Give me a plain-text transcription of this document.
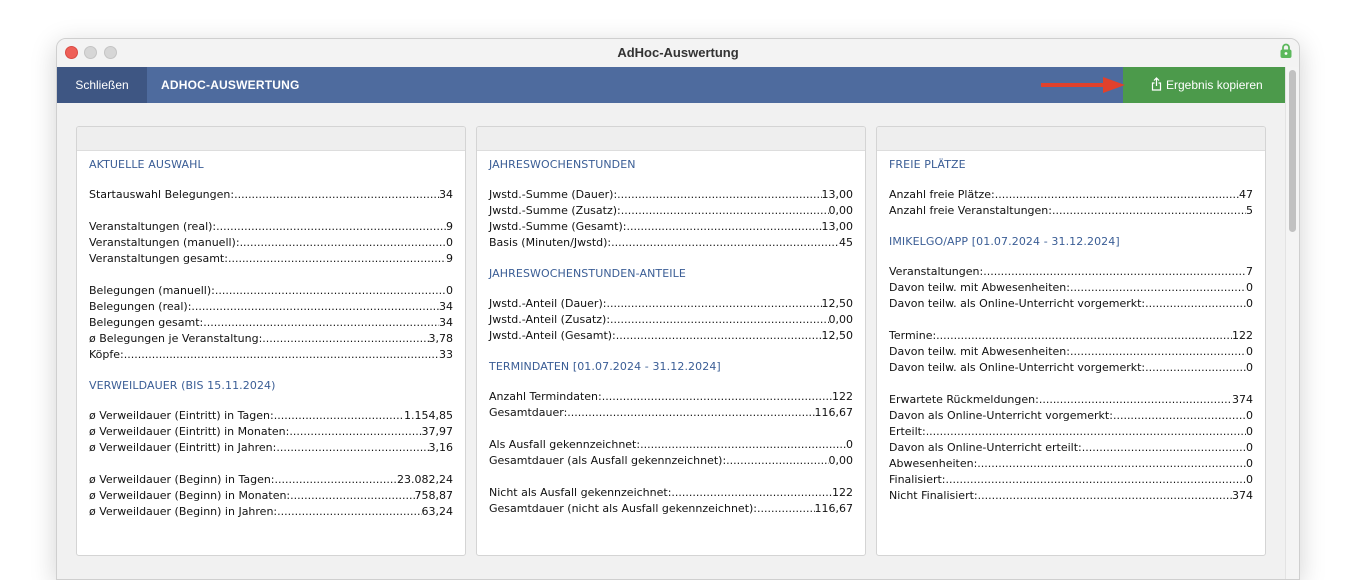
AdHoc-Auswertung
Schließen	ADHOC-AUSWERTUNG	Ergebnis kopieren
AKTUELLE AUSWAHL
Startauswahl Belegungen: .....	34
Veranstaltungen (real): .....	9
Veranstaltungen (manuell): .....	0
Veranstaltungen gesamt: .....	9
Belegungen (manuell): .....	0
Belegungen (real): .....	34
Belegungen gesamt: .....	34
ø Belegungen je Veranstaltung: .....	3,78
Köpfe: .....	33
VERWEILDAUER (BIS 15.11.2024)
ø Verweildauer (Eintritt) in Tagen: .....	1.154,85
ø Verweildauer (Eintritt) in Monaten: .....	37,97
ø Verweildauer (Eintritt) in Jahren: .....	3,16
ø Verweildauer (Beginn) in Tagen: .....	23.082,24
ø Verweildauer (Beginn) in Monaten: .....	758,87
ø Verweildauer (Beginn) in Jahren: .....	63,24
JAHRESWOCHENSTUNDEN
Jwstd.-Summe (Dauer): .....	13,00
Jwstd.-Summe (Zusatz): .....	0,00
Jwstd.-Summe (Gesamt): .....	13,00
Basis (Minuten/Jwstd): .....	45
JAHRESWOCHENSTUNDEN-ANTEILE
Jwstd.-Anteil (Dauer): .....	12,50
Jwstd.-Anteil (Zusatz): .....	0,00
Jwstd.-Anteil (Gesamt): .....	12,50
TERMINDATEN [01.07.2024 - 31.12.2024]
Anzahl Termindaten: .....	122
Gesamtdauer: .....	116,67
Als Ausfall gekennzeichnet: .....	0
Gesamtdauer (als Ausfall gekennzeichnet): .....	0,00
Nicht als Ausfall gekennzeichnet: .....	122
Gesamtdauer (nicht als Ausfall gekennzeichnet): .....	116,67
FREIE PLÄTZE
Anzahl freie Plätze: .....	47
Anzahl freie Veranstaltungen: .....	5
IMIKELGO/APP [01.07.2024 - 31.12.2024]
Veranstaltungen: .....	7
Davon teilw. mit Abwesenheiten: .....	0
Davon teilw. als Online-Unterricht vorgemerkt: .....	0
Termine: .....	122
Davon teilw. mit Abwesenheiten: .....	0
Davon teilw. als Online-Unterricht vorgemerkt: .....	0
Erwartete Rückmeldungen: .....	374
Davon als Online-Unterricht vorgemerkt: .....	0
Erteilt: .....	0
Davon als Online-Unterricht erteilt: .....	0
Abwesenheiten: .....	0
Finalisiert: .....	0
Nicht Finalisiert: .....	374
